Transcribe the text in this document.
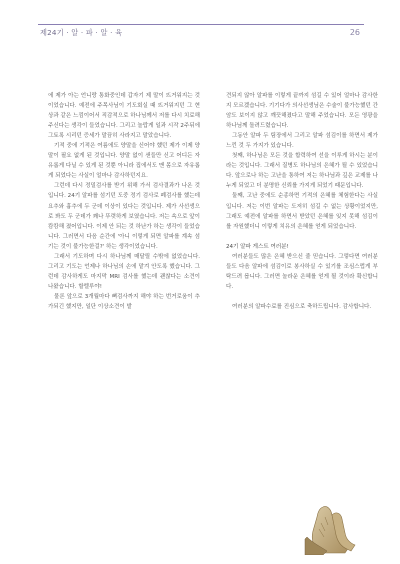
제24기 · 알 · 파 · 알 · 육	26

에 제가 아는 언니랑 통화중인데 갑자기 제 말이 뜨거워지는 것이었습니다. 예전에 주목사님이 기도회실 때 뜨거워지던 그 현상과 같은 느낌이어서 직감적으로 하나님께서 저를 다시 치료해 주신다는 생각이 들었습니다. 그리고 놀랍게 일과 시작 2주뒤에 그토록 시리던 증세가 말끔히 사라지고 말았습니다.

기적 중에 기적은 여름에도 양말을 신어야 했던 제가 이제 양말이 필요 없게 된 것입니다. 양말 없이 샌들만 신고 어디든 자유롭게 다닐 수 있게 된 것뿐 아니라 집에서도 맨 몸으로 자유롭게 되었다는 사실이 얼마나 감사하던지요.

그런데 다시 정밀검사를 받기 위해 가서 검사결과가 나온 것입니다. 24기 알파를 섬기던 도중 정기 검사로 폐검사를 했는데 요추와 흉추에 두 군데 이상이 있다는 것입니다. 제가 사선생으로 봐도 두 군데가 꽤나 뚜렷하게 보였습니다. 저는 속으로 앞이 캄캄해 졌어입니다. 이제 안 되는 것 하난가 하는 생각이 들었습니다. 그러면서 다음 순간에 '아니 이렇게 되면 알파를 계속 섬기는 것이 불가능한걸?' 하는 생각이었습니다.

그래서 기도하며 다시 하나님께 매달릴 수밖에 없었습니다. 그리고 기도는 언제나 하나님의 손에 맡겨 안도록 했습니다. 그런데 감사하게도 마지막 MRI 검사를 했는데 괜찮다는 소견이 나왔습니다. 할렐루야!

물론 앞으로 3개월마다 뼈검사까지 해야 하는 번거로움이 추가되긴 했지만, 일단 이상소견이 발

견되지 않아 알파를 이렇게 끝까지 섬길 수 있어 얼마나 감사한지 모르겠습니다. 기기다가 의사선생님은 수술이 불가능했던 간암도 보이지 않고 깨끗해졌다고 말해 주었습니다. 모든 영광을 하나님께 돌려드렸습니다.

그동안 알파 두 팀장에서 그리고 알파 섬김이를 하면서 제가 느낀 것 두 가지가 있습니다.

첫째, 하나님은 모든 것을 합력하여 선을 이루게 하시는 분이라는 것입니다. 그래서 질병도 하나님의 은혜가 될 수 있었습니다. 앞으로나 하는 고난을 통하여 저는 하나님과 깊은 교제를 나누게 되었고 더 분명한 신뢰를 가지게 되었기 때문입니다.

둘째, 고난 중에도 순종하면 기적의 은혜를 체험한다는 사실입니다. 저는 이번 알파는 도저히 섬길 수 없는 상황이었지만, 그래도 예전에 알파를 하면서 받았던 은혜를 잊지 못해 섬김이를 자원했더니 이렇게 치유의 은혜를 얻게 되었습니다.

24기 알파 게스트 여러분!

여러분들도 많은 은혜 받으신 줄 믿습니다. 그렇다면 여러분들도 다음 알파에 섬김이로 봉사하실 수 있기를 조심스럽게 부탁드려 봅니다. 그러면 놀라운 은혜를 얻게 될 것이라 확신합니다.

여러분의 알파수료를 진심으로 축하드립니다. 감사합니다.
